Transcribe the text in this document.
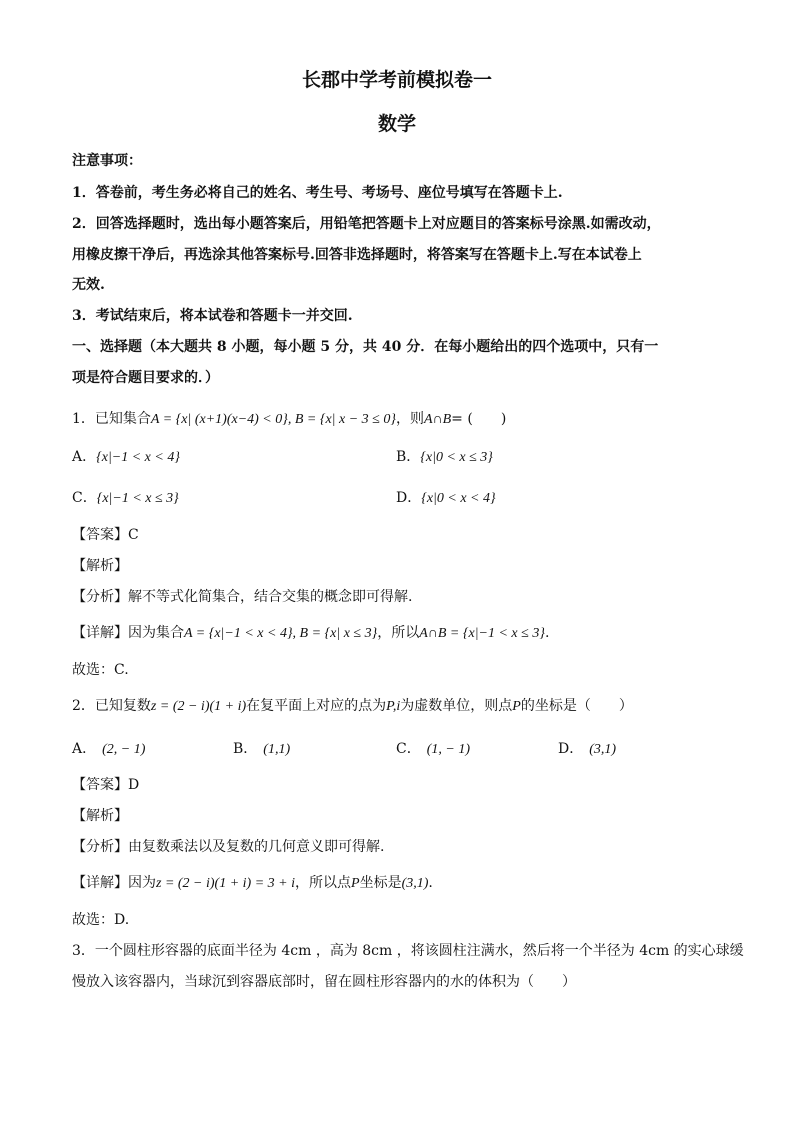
长郡中学考前模拟卷一
数学
注意事项：
1．答卷前，考生务必将自己的姓名、考生号、考场号、座位号填写在答题卡上.
2．回答选择题时，选出每小题答案后，用铅笔把答题卡上对应题目的答案标号涂黑.如需改动，
用橡皮擦干净后，再选涂其他答案标号.回答非选择题时，将答案写在答题卡上.写在本试卷上
无效.
3．考试结束后，将本试卷和答题卡一并交回.
一、选择题（本大题共 8 小题，每小题 5 分，共 40 分．在每小题给出的四个选项中，只有一
项是符合题目要求的．）
1．已知集合A = {x| (x+1)(x−4) < 0}, B = {x| x − 3 ≤ 0}，则A∩B= (　　)
A．{x|−1 < x < 4}	B．{x|0 < x ≤ 3}
C．{x|−1 < x ≤ 3}	D．{x|0 < x < 4}
【答案】C
【解析】
【分析】解不等式化简集合，结合交集的概念即可得解.
【详解】因为集合A = {x|−1 < x < 4}, B = {x| x ≤ 3}，所以A∩B = {x|−1 < x ≤ 3}.
故选：C.
2．已知复数z = (2 − i)(1 + i)在复平面上对应的点为P,i为虚数单位，则点P的坐标是（　　）
A． (2, − 1)	B． (1,1)	C． (1, − 1)	D． (3,1)
【答案】D
【解析】
【分析】由复数乘法以及复数的几何意义即可得解.
【详解】因为z = (2 − i)(1 + i) = 3 + i，所以点P坐标是(3,1).
故选：D.
3．一个圆柱形容器的底面半径为 4cm ，高为 8cm ，将该圆柱注满水，然后将一个半径为 4cm 的实心球缓
慢放入该容器内，当球沉到容器底部时，留在圆柱形容器内的水的体积为（　　）
